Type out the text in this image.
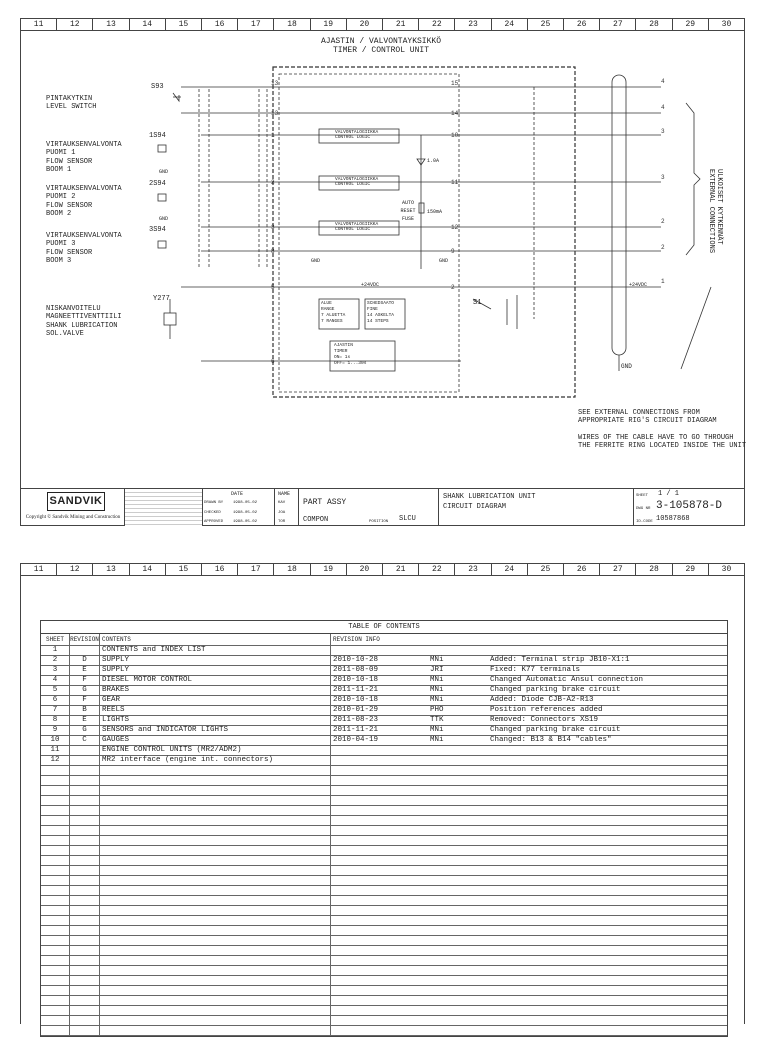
11	12	13	14	15	16	17	18	19	20	21	22	23	24	25	26	27	28	29	30
AJASTIN / VALVONTAYKSIKKÖ
TIMER / CONTROL UNIT
PINTAKYTKIN
LEVEL SWITCH
VIRTAUKSENVALVONTA
PUOMI 1
FLOW SENSOR
BOOM 1
VIRTAUKSENVALVONTA
PUOMI 2
FLOW SENSOR
BOOM 2
VIRTAUKSENVALVONTA
PUOMI 3
FLOW SENSOR
BOOM 3
NISKANVOITELU
MAGNEETTIVENTTIILI
SHANK LUBRICATION
SOL.VALVE
13	15
13	14
1	10
2	11
3	12
8	9
5	2
6
4
4
3
3
2
2
1
S93
1S94
2S94
3S94
Y277	S1
GND
GND
GND	GND
GND
+24VDC	+24VDC
1.0A
AUTO RESET FUSE
150mA
VALVONTALOGIIKKA
CONTROL LOGIC
VALVONTALOGIIKKA
CONTROL LOGIC
VALVONTALOGIIKKA
CONTROL LOGIC
ALUE
RANGE
7 ALUETTA
7 RANGES
SCHEDSAATO
FINE
14 ASKELTA
14 STEPS
AJASTIN
TIMER
ON= 1s
OFF= 1...30s
ULKOISET KYTKENNÄT
EXTERNAL CONNECTIONS
SEE EXTERNAL CONNECTIONS FROM
APPROPRIATE RIG'S CIRCUIT DIAGRAM
WIRES OF THE CABLE HAVE TO GO THROUGH
THE FERRITE RING LOCATED INSIDE THE UNIT
SANDVIK
Copyright © Sandvik Mining and Construction
DATE
DRAWN BY
CHECKED
APPROVED
1998-05-02
1998-05-02
1998-05-02
NAME
KAV
JOA
TOR
PART ASSY
COMPON	POSITION SLCU
SHANK LUBRICATION UNIT
CIRCUIT DIAGRAM
SHEET 1 / 1
DWG NR 3-105878-D
ID-CODE 10587868
11	12	13	14	15	16	17	18	19	20	21	22	23	24	25	26	27	28	29	30
TABLE OF CONTENTS
SHEET	REVISION CONTENTS	REVISION INFO
1	CONTENTS and INDEX LIST
2	D	SUPPLY	2010-10-28	MNi	Added: Terminal strip JB10-X1:1
3	E	SUPPLY	2011-08-09	JRI	Fixed: K77 terminals
4	F	DIESEL MOTOR CONTROL	2010-10-18	MNi	Changed Automatic Ansul connection
5	G	BRAKES	2011-11-21	MNi	Changed parking brake circuit
6	F	GEAR	2010-10-18	MNi	Added: Diode CJB-A2-R13
7	B	REELS	2010-01-29	PHO	Position references added
8	E	LIGHTS	2011-08-23	TTK	Removed: Connectors XS19
9	G	SENSORS and INDICATOR LIGHTS	2011-11-21	MNi	Changed parking brake circuit
10	C	GAUGES	2010-04-19	MNi	Changed: B13 & B14 "cables"
11	ENGINE CONTROL UNITS (MR2/ADM2)
12	MR2 interface (engine int. connectors)
